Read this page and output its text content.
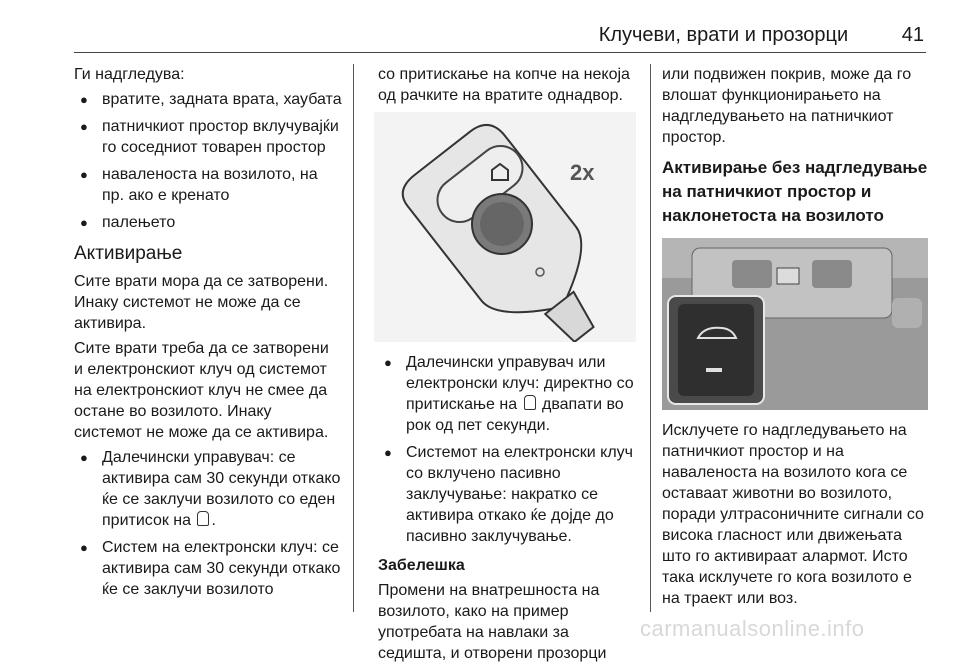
Клучеви, врати и прозорци	41

Ги надгледува:

● вратите, задната врата, хаубата
● патничкиот простор вклучувајќи го соседниот товарен простор
● наваленоста на возилото, на пр. ако е кренато
● палењето
Активирање

Сите врати мора да се затворени. Инаку системот не може да се активира.

Сите врати треба да се затворени и електронскиот клуч од системот на електронскиот клуч не смее да остане во возилото. Инаку системот не може да се активира.

● Далечински управувач: се активира сам 30 секунди откако ќе се заклучи возилото со еден притисок на .
● Систем на електронски клуч: се активира сам 30 секунди откако ќе се заклучи возилото

со притискање на копче на некоја од рачките на вратите однадвор.

2x
● Далечински управувач или електронски клуч: директно со притискање на  двапати во рок од пет секунди.
● Системот на електронски клуч со вклучено пасивно заклучување: накратко се активира откако ќе дојде до пасивно заклучување.

Забелешка

Промени на внатрешноста на возилото, како на пример употребата на навлаки за седишта, и отворени прозорци

или подвижен покрив, може да го влошат функционирањето на надгледувањето на патничкиот простор.

Активирање без надгледување на патничкиот простор и наклонетоста на возилото

Исклучете го надгледувањето на патничкиот простор и на наваленоста на возилото кога се оставаат животни во возилото, поради ултрасоничните сигнали со висока гласност или движењата што го активираат алармот. Исто така исклучете го кога возилото е на траект или воз.

carmanualsonline.info
